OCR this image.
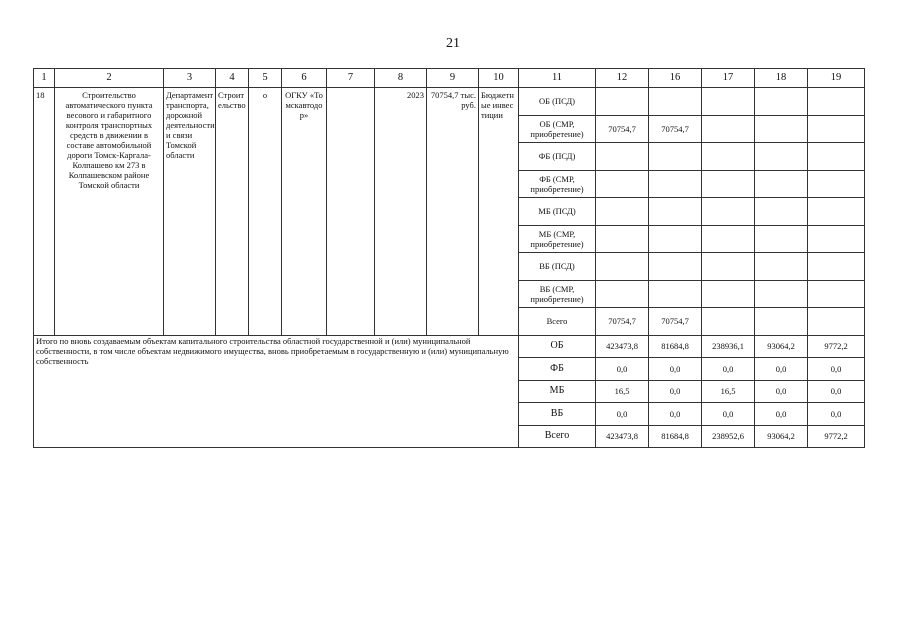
21
1	2	3	4	5	6	7	8	9	10	11	12	16	17	18	19

18	Строительство автоматического пункта весового и габаритного контроля транспортных средств в движении в составе автомобильной дороги Томск-Каргала-Колпашево км 273 в Колпашевском районе Томской области	Департамент транспорта, дорожной деятельности и связи Томской области	Строительство	о	ОГКУ «Томскавтодор»		2023	70754,7 тыс. руб.	Бюджетные инвестиции	ОБ (ПСД)					
										ОБ (СМР, приобретение)	70754,7	70754,7			
										ФБ (ПСД)					
										ФБ (СМР, приобретение)					
										МБ (ПСД)					
										МБ (СМР, приобретение)					
										ВБ (ПСД)					
										ВБ (СМР, приобретение)					
										Всего	70754,7	70754,7			
Итого по вновь создаваемым объектам капитального строительства областной государственной и (или) муниципальной собственности, в том числе объектам недвижимого имущества, вновь приобретаемым в государственную и (или) муниципальную собственность										ОБ	423473,8	81684,8	238936,1	93064,2	9772,2
										ФБ	0,0	0,0	0,0	0,0	0,0
										МБ	16,5	0,0	16,5	0,0	0,0
										ВБ	0,0	0,0	0,0	0,0	0,0
										Всего	423473,8	81684,8	238952,6	93064,2	9772,2
